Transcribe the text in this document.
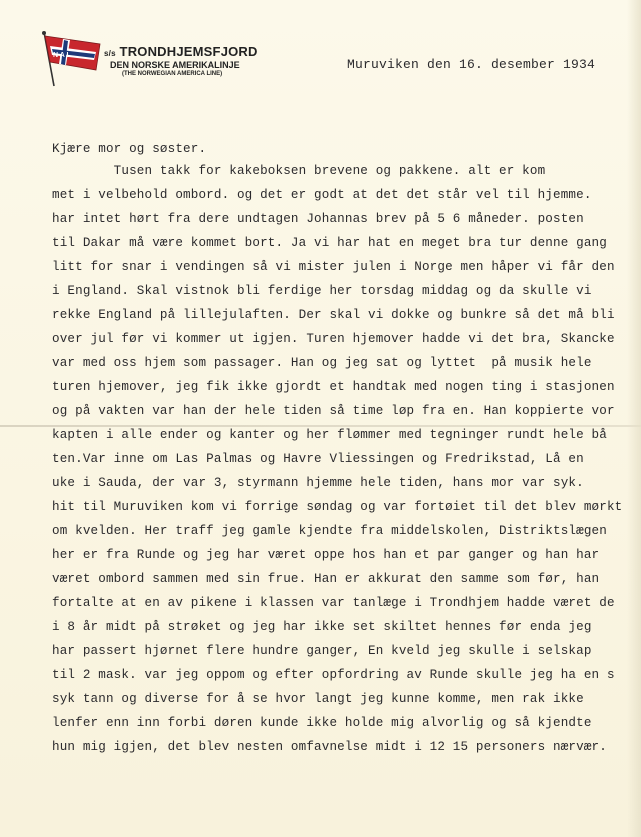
N A L	s/s TRONDHJEMSFJORD
DEN NORSKE AMERIKALINJE
(THE NORWEGIAN AMERICA LINE)
Muruviken den 16. desember 1934
Kjære mor og søster.
Tusen takk for kakeboksen brevene og pakkene. alt er kom
met i velbehold ombord. og det er godt at det det står vel til hjemme.
har intet hørt fra dere undtagen Johannas brev på 5 6 måneder. posten
til Dakar må være kommet bort. Ja vi har hat en meget bra tur denne gang
litt for snar i vendingen så vi mister julen i Norge men håper vi får den
i England. Skal vistnok bli ferdige her torsdag middag og da skulle vi
rekke England på lillejulaften. Der skal vi dokke og bunkre så det må bli
over jul før vi kommer ut igjen. Turen hjemover hadde vi det bra, Skancke
var med oss hjem som passager. Han og jeg sat og lyttet  på musik hele
turen hjemover, jeg fik ikke gjordt et handtak med nogen ting i stasjonen
og på vakten var han der hele tiden så time løp fra en. Han koppierte vor
kapten i alle ender og kanter og her flømmer med tegninger rundt hele bå
ten.Var inne om Las Palmas og Havre Vliessingen og Fredrikstad, Lå en
uke i Sauda, der var 3, styrmann hjemme hele tiden, hans mor var syk.
hit til Muruviken kom vi forrige søndag og var fortøiet til det blev mørkt
om kvelden. Her traff jeg gamle kjendte fra middelskolen, Distriktslægen
her er fra Runde og jeg har været oppe hos han et par ganger og han har
været ombord sammen med sin frue. Han er akkurat den samme som før, han
fortalte at en av pikene i klassen var tanlæge i Trondhjem hadde været de
i 8 år midt på strøket og jeg har ikke set skiltet hennes før enda jeg
har passert hjørnet flere hundre ganger, En kveld jeg skulle i selskap
til 2 mask. var jeg oppom og efter opfordring av Runde skulle jeg ha en s
syk tann og diverse for å se hvor langt jeg kunne komme, men rak ikke
lenfer enn inn forbi døren kunde ikke holde mig alvorlig og så kjendte
hun mig igjen, det blev nesten omfavnelse midt i 12 15 personers nærvær.
